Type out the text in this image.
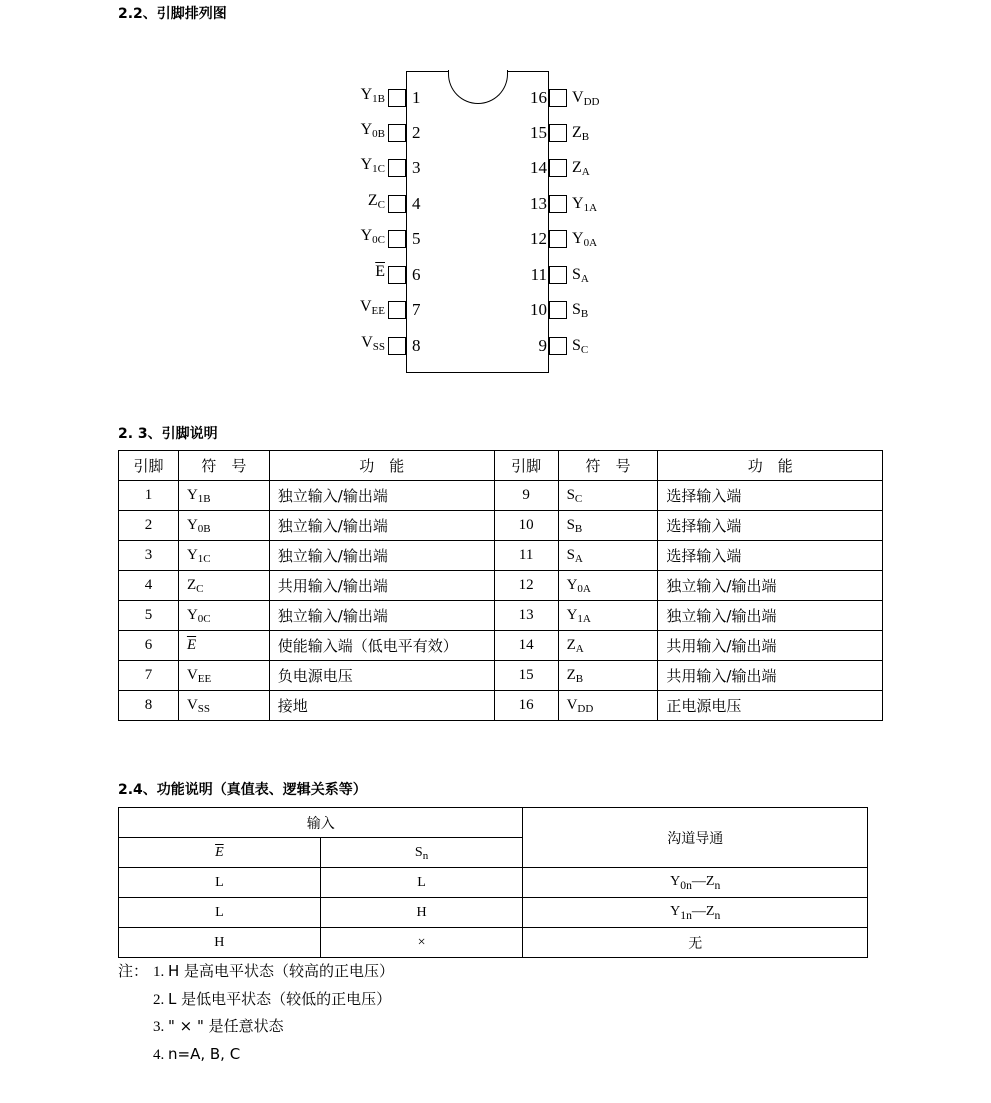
2.2、引脚排列图
2. 3、引脚说明
2.4、功能说明（真值表、逻辑关系等）
1
$Y_{1B}$
2
$Y_{0B}$
3
$Y_{1C}$
4
$Z_C$
5
$Y_{0C}$
6
$\overline{E}$
7
$V_{EE}$
8
$V_{SS}$
16 $V_{DD}$
15 $Z_B$
14 $Z_A$
13 $Y_{1A}$
12 $Y_{0A}$
11 $S_A$
10 $S_B$
9 $S_C$
引脚	符　号	功　能	引脚	符　号	功　能
1	$Y_{1B}$	独立输入/输出端	9	$S_C$	选择输入端
2	$Y_{0B}$	独立输入/输出端	10	$S_B$	选择输入端
3	$Y_{1C}$	独立输入/输出端	11	$S_A$	选择输入端
4	$Z_C$	共用输入/输出端	12	$Y_{0A}$	独立输入/输出端
5	$Y_{0C}$	独立输入/输出端	13	$Y_{1A}$	独立输入/输出端
6	$\overline{E}$	使能输入端（低电平有效）	14	$Z_A$	共用输入/输出端
7	$V_{EE}$	负电源电压	15	$Z_B$	共用输入/输出端
8	$V_{SS}$	接地	16	$V_{DD}$	正电源电压
输入		沟道导通
$\overline{E}$	$S_n$
L	L	$Y_{0n}—Z_n$
L	H	$Y_{1n}—Z_n$
H	×	无
注： 1. H 是高电平状态（较高的正电压）
2. L 是低电平状态（较低的正电压）
3. " × " 是任意状态
4. n=A, B, C
